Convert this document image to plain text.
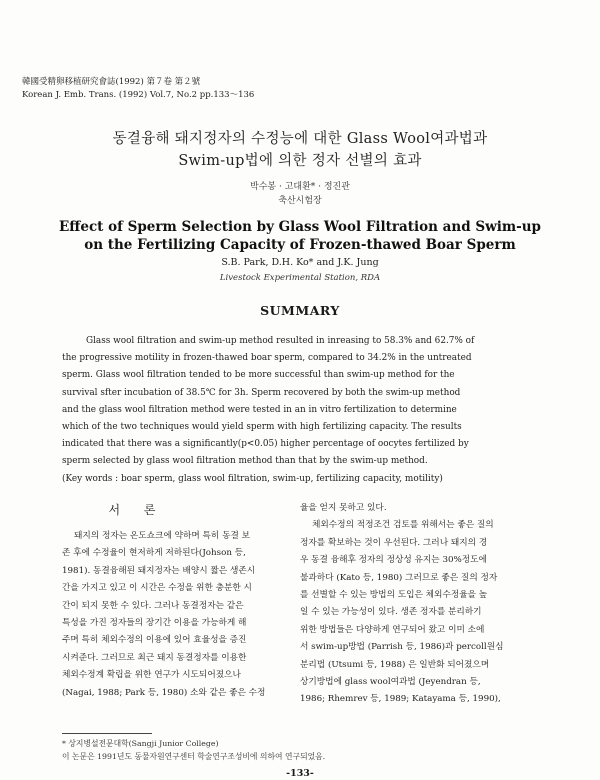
韓國受精卵移植研究會誌(1992) 第７卷 第２號
Korean J. Emb. Trans. (1992) Vol.7, No.2 pp.133～136
동결융해 돼지정자의 수정능에 대한 Glass Wool여과법과
Swim-up법에 의한 정자 선별의 효과
박수봉 · 고대환* · 정진관
축산시험장
Effect of Sperm Selection by Glass Wool Filtration and Swim-up
on the Fertilizing Capacity of Frozen-thawed Boar Sperm
S.B. Park, D.H. Ko* and J.K. Jung
Livestock Experimental Station, RDA
SUMMARY
Glass wool filtration and swim-up method resulted in inreasing to 58.3% and 62.7% of
the progressive motility in frozen-thawed boar sperm, compared to 34.2% in the untreated
sperm. Glass wool filtration tended to be more successful than swim-up method for the
survival sfter incubation of 38.5℃ for 3h. Sperm recovered by both the swim-up method
and the glass wool filtration method were tested in an in vitro fertilization to determine
which of the two techniques would yield sperm with high fertilizing capacity. The results
indicated that there was a significantly(p<0.05) higher percentage of oocytes fertilized by
sperm selected by glass wool filtration method than that by the swim-up method.
(Key words : boar sperm, glass wool filtration, swim-up, fertilizing capacity, motility)
서 론
돼지의 정자는 온도쇼크에 약하며 특히 동결 보
존 후에 수정율이 현저하게 저하된다(Johson 등,
1981). 동결융해된 돼지정자는 배양시 짧은 생존시
간을 가지고 있고 이 시간은 수정을 위한 충분한 시
간이 되지 못한 수 있다. 그러나 동결정자는 같은
특성을 가진 정자들의 장기간 이용을 가능하게 해
주며 특히 체외수정의 이용에 있어 효율성을 증진
시켜준다. 그러므로 최근 돼지 동결정자를 이용한
체외수정계 확립을 위한 연구가 시도되어졌으나
(Nagai, 1988; Park 등, 1980) 소와 같은 좋은 수정
율을 얻지 못하고 있다.
체외수정의 적정조건 검토를 위해서는 좋은 질의
정자를 확보하는 것이 우선된다. 그러나 돼지의 경
우 동결 융해후 정자의 정상성 유지는 30%정도에
불과하다 (Kato 등, 1980) 그러므로 좋은 질의 정자
를 선별할 수 있는 방법의 도입은 체외수정율을 높
일 수 있는 가능성이 있다. 생존 정자를 분리하기
위한 방법들은 다양하게 연구되어 왔고 이미 소에
서 swim-up방법 (Parrish 등, 1986)과 percoll원심
분리법 (Utsumi 등, 1988) 은 일반화 되어졌으며
상기방법에 glass wool여과법 (Jeyendran 등,
1986; Rhemrev 등, 1989; Katayama 등, 1990),
* 상지병설전문대학(Sangji Junior College)
이 논문은 1991년도 동물자원연구센터 학술연구조성비에 의하여 연구되었음.
-133-
